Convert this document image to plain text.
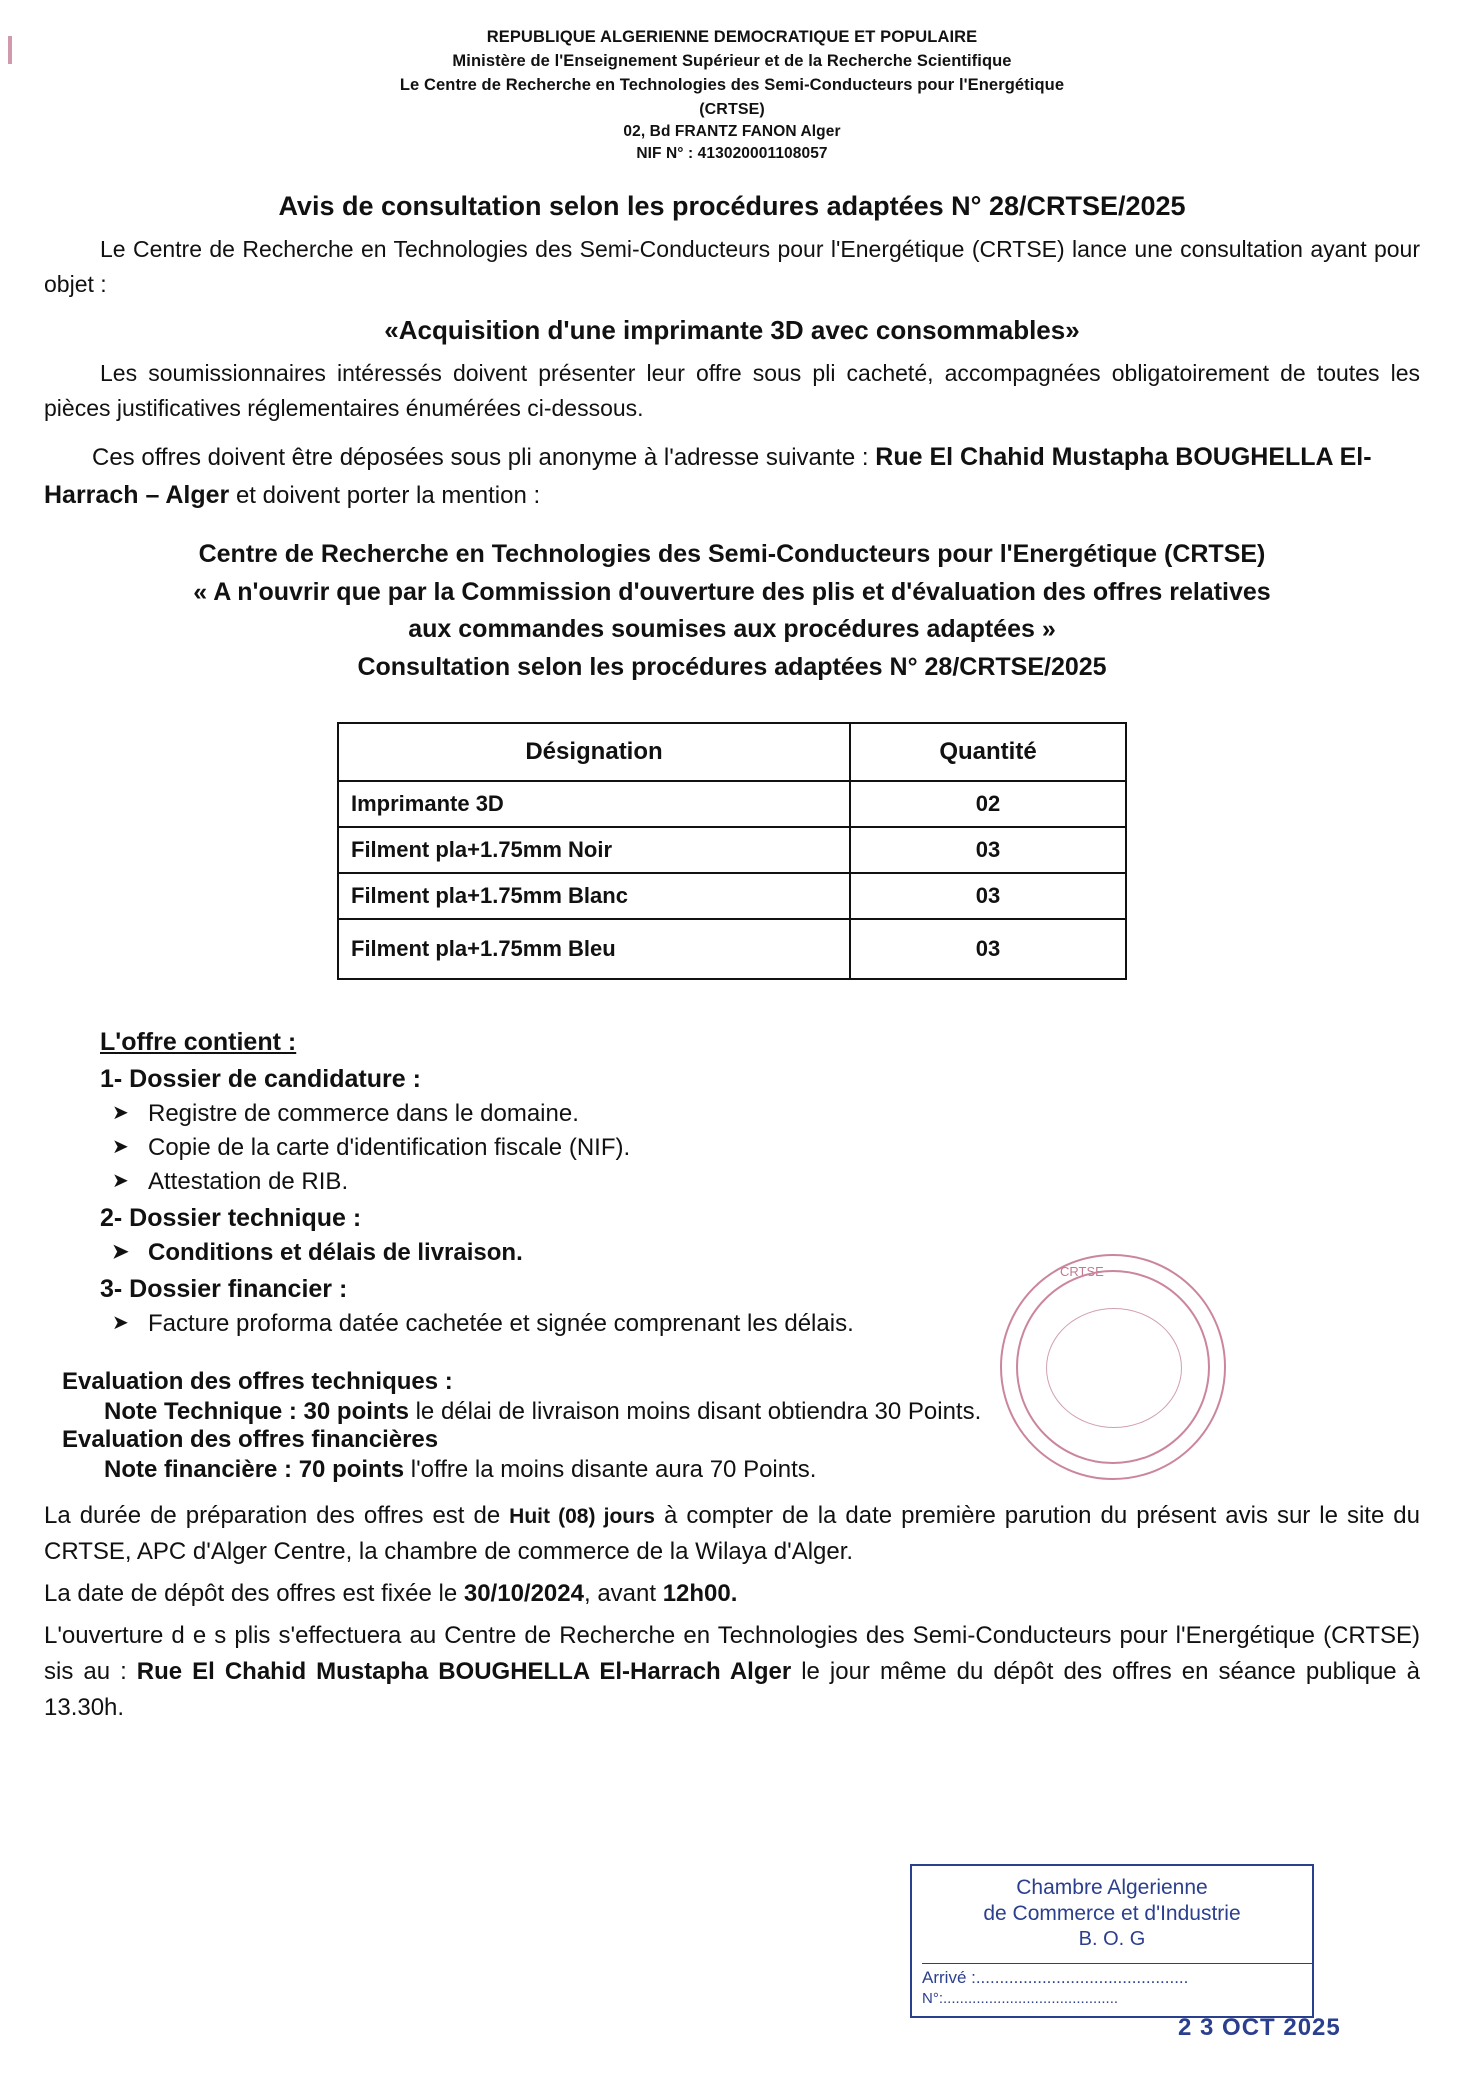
REPUBLIQUE ALGERIENNE DEMOCRATIQUE ET POPULAIRE
Ministère de l'Enseignement Supérieur et de la Recherche Scientifique
Le Centre de Recherche en Technologies des Semi-Conducteurs pour l'Energétique
(CRTSE)
02, Bd FRANTZ FANON Alger
NIF N° : 413020001108057
Avis de consultation selon les procédures adaptées N° 28/CRTSE/2025
Le Centre de Recherche en Technologies des Semi-Conducteurs pour l'Energétique (CRTSE) lance une consultation ayant pour objet :
«Acquisition d'une imprimante 3D avec consommables»
Les soumissionnaires intéressés doivent présenter leur offre sous pli cacheté, accompagnées obligatoirement de toutes les pièces justificatives réglementaires énumérées ci-dessous.
Ces offres doivent être déposées sous pli anonyme à l'adresse suivante : Rue El Chahid Mustapha BOUGHELLA El-Harrach – Alger et doivent porter la mention :
Centre de Recherche en Technologies des Semi-Conducteurs pour l'Energétique (CRTSE)
« A n'ouvrir que par la Commission d'ouverture des plis et d'évaluation des offres relatives
aux commandes soumises aux procédures adaptées »
Consultation selon les procédures adaptées N° 28/CRTSE/2025
Désignation	Quantité
Imprimante 3D	02
Filment pla+1.75mm Noir	03
Filment pla+1.75mm Blanc	03
Filment pla+1.75mm Bleu	03
L'offre contient :
1- Dossier de candidature :
➤ Registre de commerce dans le domaine.
➤ Copie de la carte d'identification fiscale (NIF).
➤ Attestation de RIB.
2- Dossier technique :
➤ Conditions et délais de livraison.
3- Dossier financier :
➤ Facture proforma datée cachetée et signée comprenant les délais.
Evaluation des offres techniques :
Note Technique : 30 points le délai de livraison moins disant obtiendra 30 Points.
Evaluation des offres financières
Note financière : 70 points l'offre la moins disante aura 70 Points.

La durée de préparation des offres est de Huit (08) jours à compter de la date première parution du présent avis sur le site du CRTSE, APC d'Alger Centre, la chambre de commerce de la Wilaya d'Alger.

La date de dépôt des offres est fixée le 30/10/2024, avant 12h00.

L'ouverture d e s plis s'effectuera au Centre de Recherche en Technologies des Semi-Conducteurs pour l'Energétique (CRTSE) sis au : Rue El Chahid Mustapha BOUGHELLA El-Harrach Alger le jour même du dépôt des offres en séance publique à 13.30h.

CRTSE
Chambre Algerienne
de Commerce et d'Industrie
B. O. G
Arrivé :.............................................
N°:..........................................
2 3 OCT 2025
